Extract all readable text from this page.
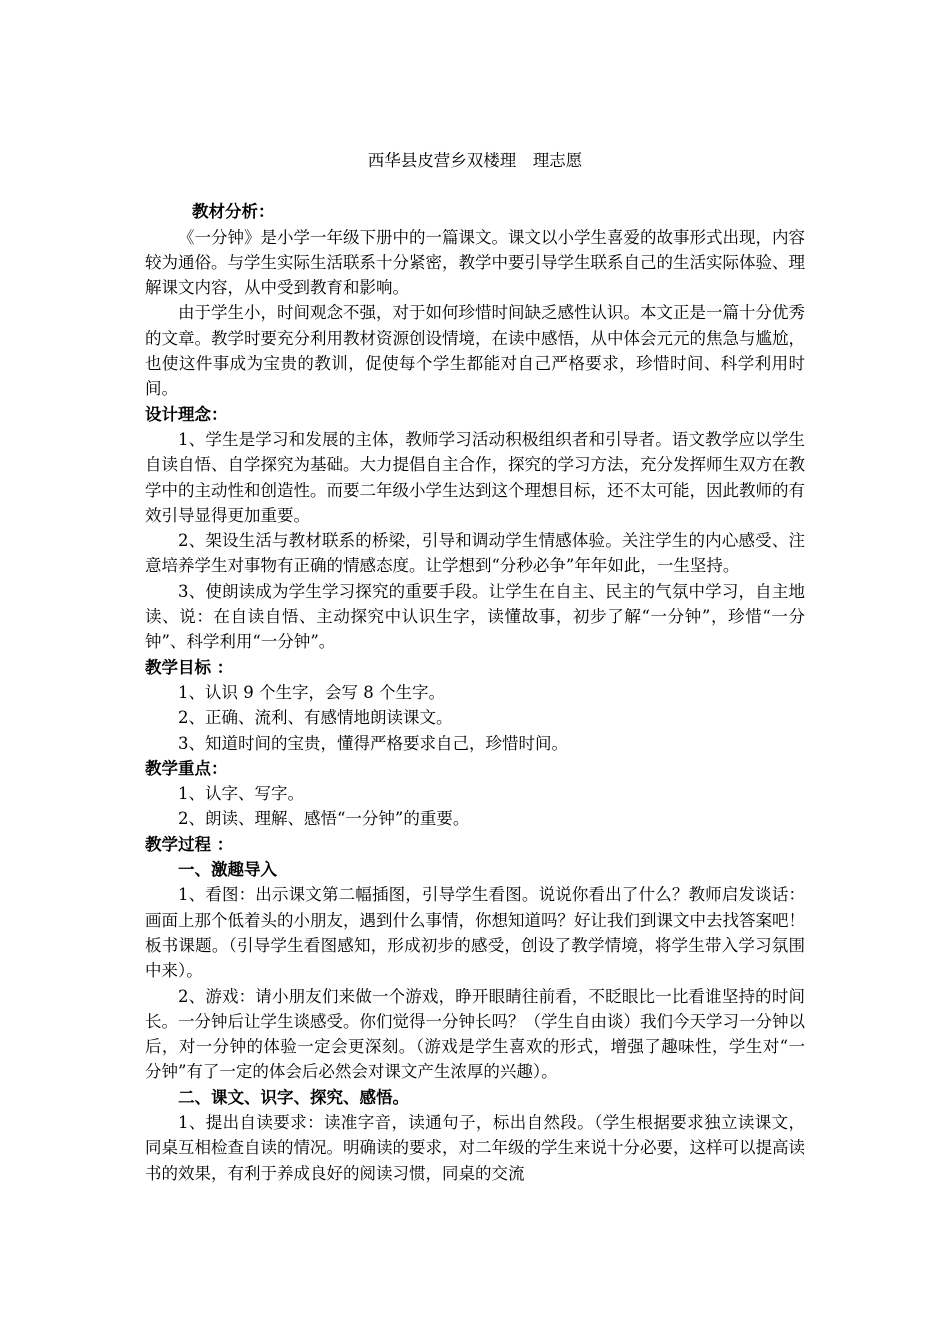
西华县皮营乡双楼理　理志愿
教材分析：

《一分钟》是小学一年级下册中的一篇课文。课文以小学生喜爱的故事形式出现，内容较为通俗。与学生实际生活联系十分紧密，教学中要引导学生联系自己的生活实际体验、理解课文内容，从中受到教育和影响。

由于学生小，时间观念不强，对于如何珍惜时间缺乏感性认识。本文正是一篇十分优秀的文章。教学时要充分利用教材资源创设情境，在读中感悟，从中体会元元的焦急与尴尬，也使这件事成为宝贵的教训，促使每个学生都能对自己严格要求，珍惜时间、科学利用时间。

设计理念：

1、学生是学习和发展的主体，教师学习活动积极组织者和引导者。语文教学应以学生自读自悟、自学探究为基础。大力提倡自主合作，探究的学习方法，充分发挥师生双方在教学中的主动性和创造性。而要二年级小学生达到这个理想目标，还不太可能，因此教师的有效引导显得更加重要。

2、架设生活与教材联系的桥梁，引导和调动学生情感体验。关注学生的内心感受、注意培养学生对事物有正确的情感态度。让学想到“分秒必争”年年如此，一生坚持。

3、使朗读成为学生学习探究的重要手段。让学生在自主、民主的气氛中学习，自主地读、说：在自读自悟、主动探究中认识生字，读懂故事，初步了解“一分钟”，珍惜“一分钟”、科学利用“一分钟”。

教学目标 ：

1、认识 9 个生字，会写 8 个生字。

2、正确、流利、有感情地朗读课文。

3、知道时间的宝贵，懂得严格要求自己，珍惜时间。

教学重点：

1、认字、写字。

2、朗读、理解、感悟“一分钟”的重要。

教学过程 ：
一、激趣导入

1、看图：出示课文第二幅插图，引导学生看图。说说你看出了什么？教师启发谈话：画面上那个低着头的小朋友，遇到什么事情，你想知道吗？好让我们到课文中去找答案吧！板书课题。（引导学生看图感知，形成初步的感受，创设了教学情境，将学生带入学习氛围中来）。

2、游戏：请小朋友们来做一个游戏，睁开眼睛往前看，不眨眼比一比看谁坚持的时间长。一分钟后让学生谈感受。你们觉得一分钟长吗？（学生自由谈）我们今天学习一分钟以后，对一分钟的体验一定会更深刻。（游戏是学生喜欢的形式，增强了趣味性，学生对“一分钟”有了一定的体会后必然会对课文产生浓厚的兴趣）。

二、课文、识字、探究、感悟。

1、提出自读要求：读准字音，读通句子，标出自然段。（学生根据要求独立读课文，同桌互相检查自读的情况。明确读的要求，对二年级的学生来说十分必要，这样可以提高读书的效果，有利于养成良好的阅读习惯，同桌的交流
